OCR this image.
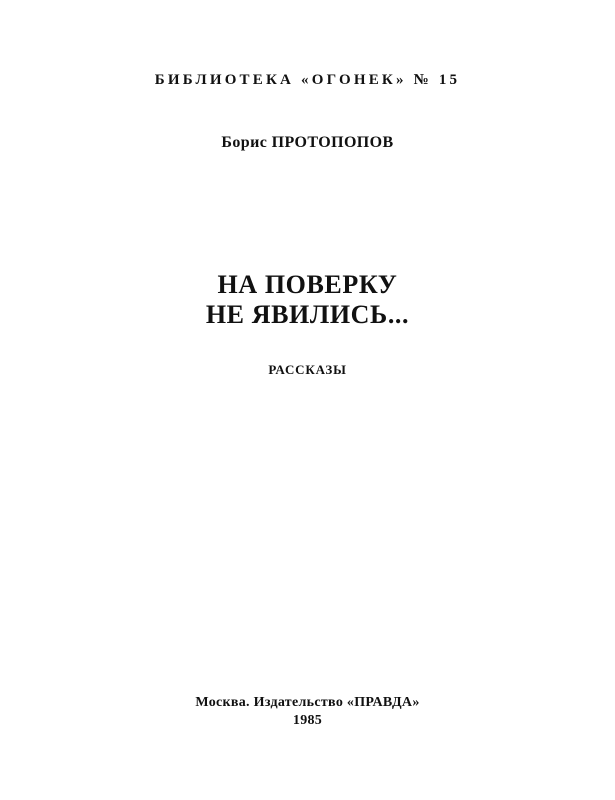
БИБЛИОТЕКА «ОГОНЕК» № 15

Борис ПРОТОПОПОВ

НА ПОВЕРКУ
НЕ ЯВИЛИСЬ...

РАССКАЗЫ

Москва. Издательство «ПРАВДА»
1985
